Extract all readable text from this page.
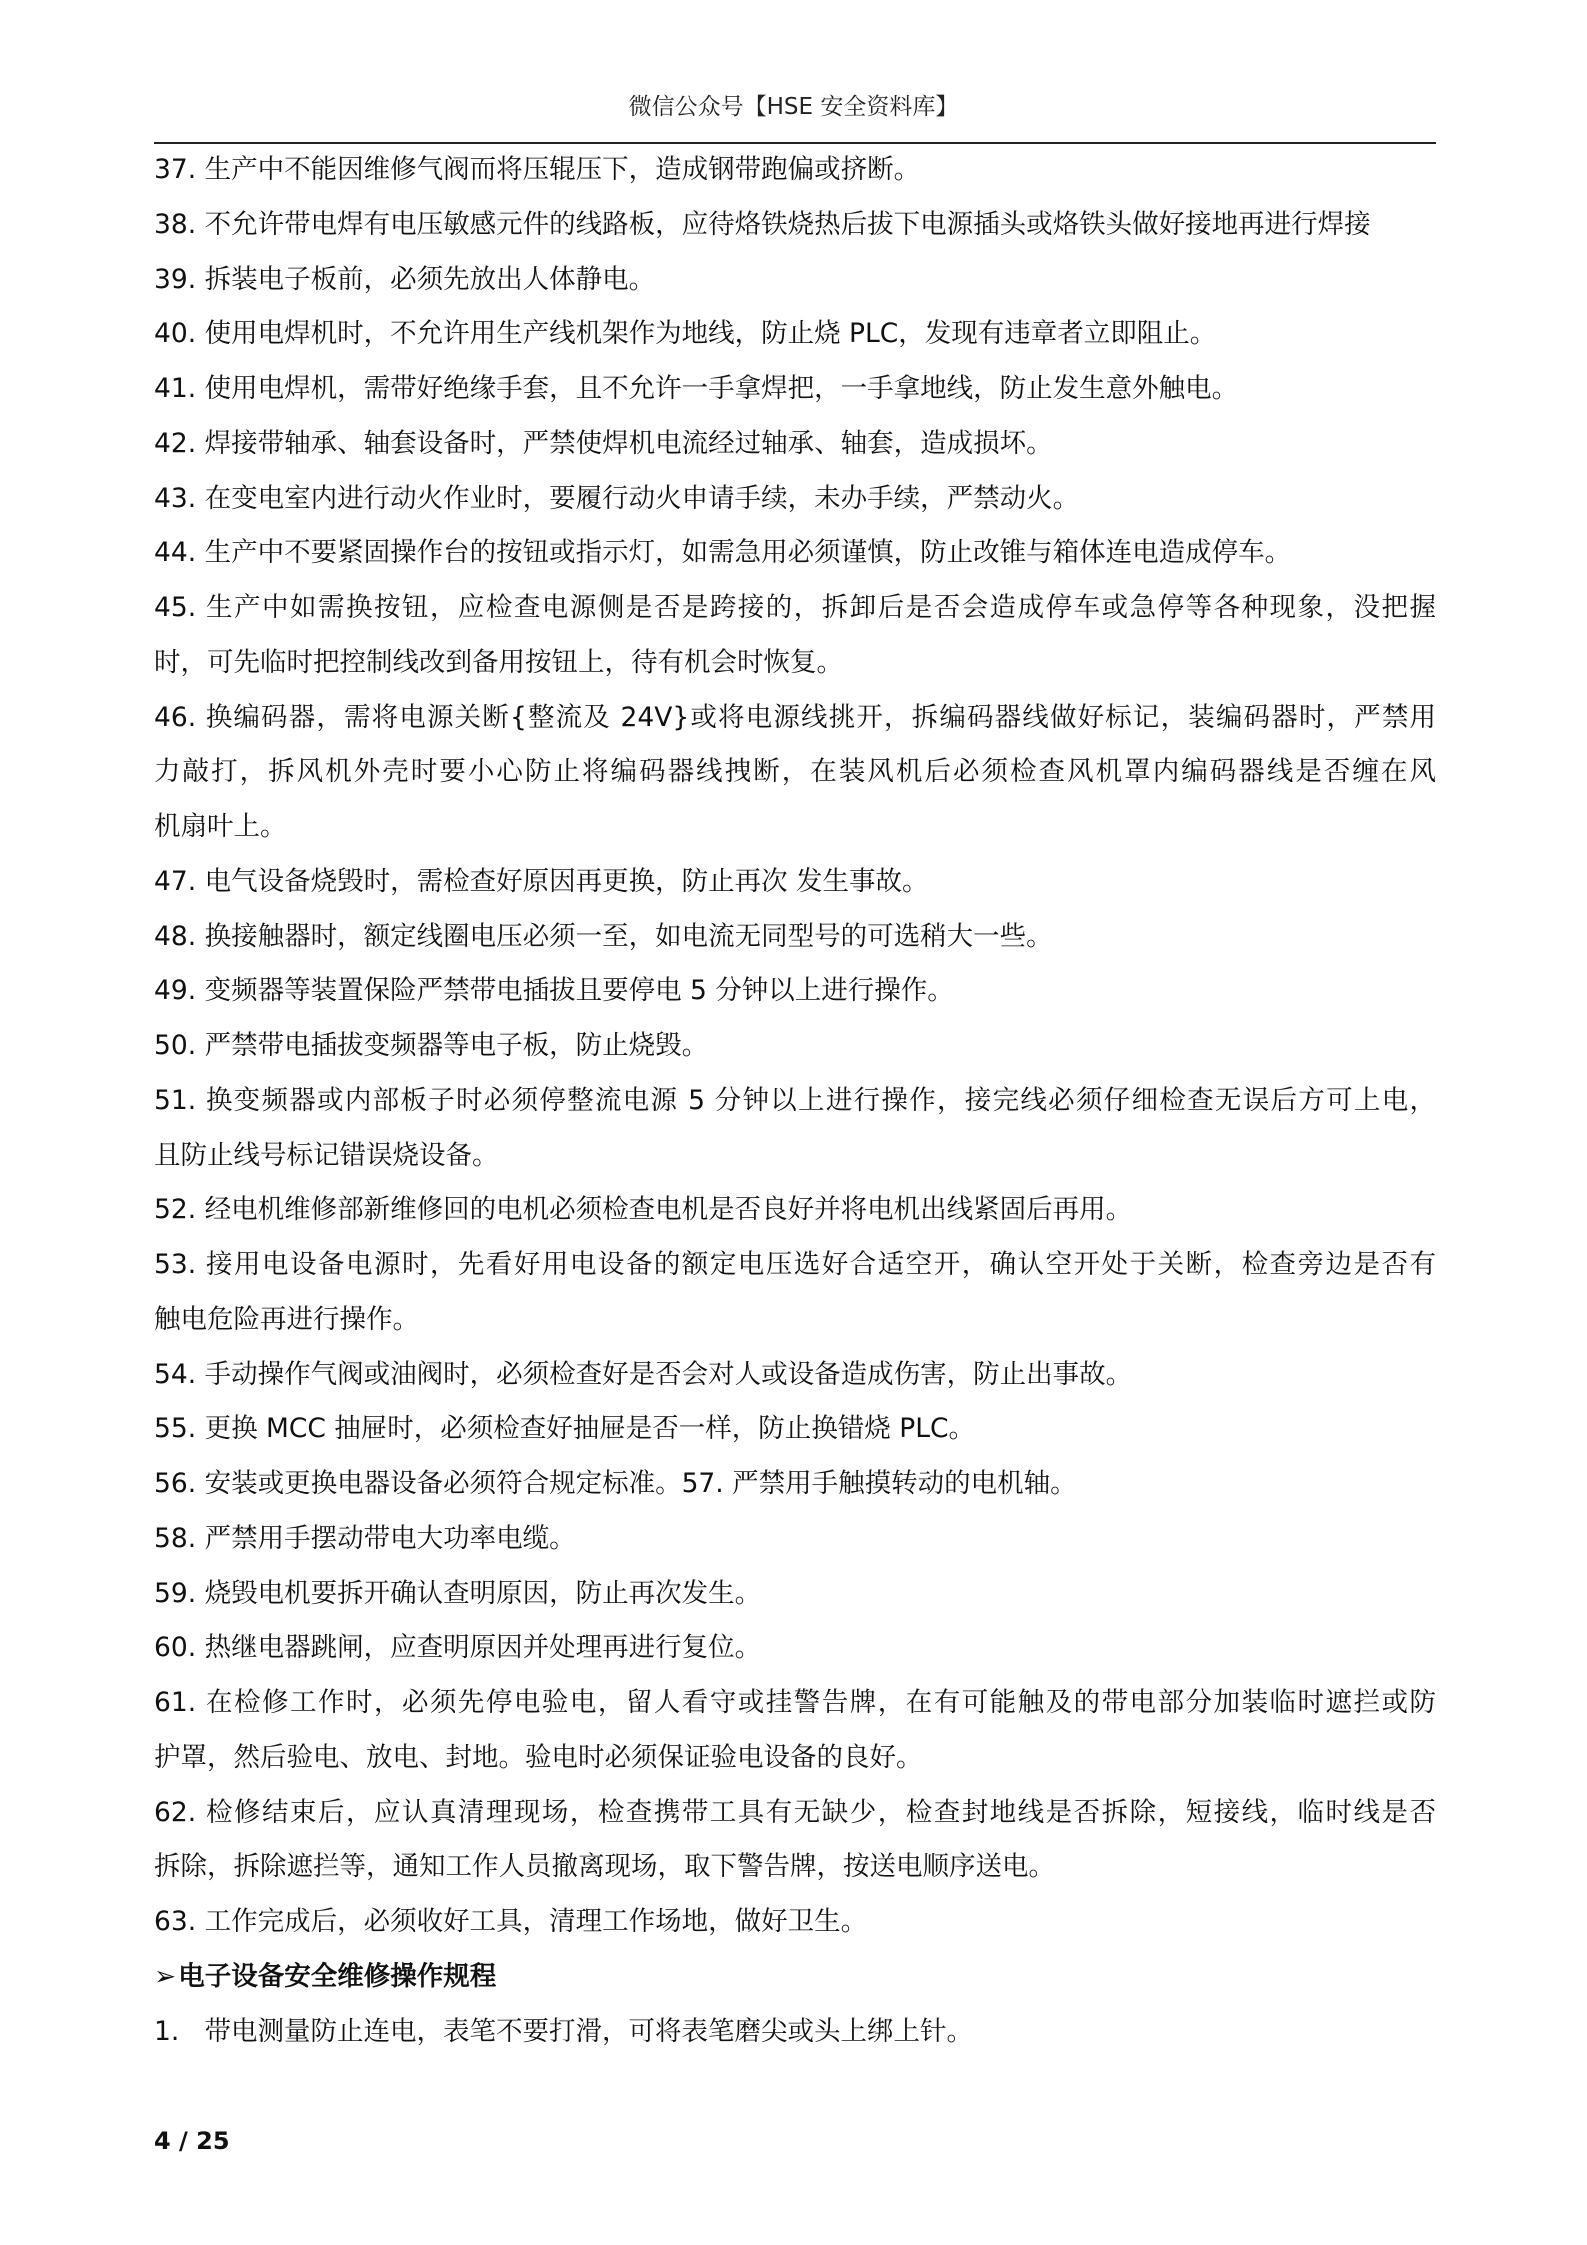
微信公众号【HSE 安全资料库】
37. 生产中不能因维修气阀而将压辊压下，造成钢带跑偏或挤断。
38. 不允许带电焊有电压敏感元件的线路板，应待烙铁烧热后拔下电源插头或烙铁头做好接地再进行焊接
39. 拆装电子板前，必须先放出人体静电。
40. 使用电焊机时，不允许用生产线机架作为地线，防止烧 PLC，发现有违章者立即阻止。
41. 使用电焊机，需带好绝缘手套，且不允许一手拿焊把，一手拿地线，防止发生意外触电。
42. 焊接带轴承、轴套设备时，严禁使焊机电流经过轴承、轴套，造成损坏。
43. 在变电室内进行动火作业时，要履行动火申请手续，未办手续，严禁动火。
44. 生产中不要紧固操作台的按钮或指示灯，如需急用必须谨慎，防止改锥与箱体连电造成停车。
45. 生产中如需换按钮，应检查电源侧是否是跨接的，拆卸后是否会造成停车或急停等各种现象，没把握
时，可先临时把控制线改到备用按钮上，待有机会时恢复。
46. 换编码器，需将电源关断{整流及 24V}或将电源线挑开，拆编码器线做好标记，装编码器时，严禁用
力敲打，拆风机外壳时要小心防止将编码器线拽断，在装风机后必须检查风机罩内编码器线是否缠在风
机扇叶上。
47. 电气设备烧毁时，需检查好原因再更换，防止再次 发生事故。
48. 换接触器时，额定线圈电压必须一至，如电流无同型号的可选稍大一些。
49. 变频器等装置保险严禁带电插拔且要停电 5 分钟以上进行操作。
50. 严禁带电插拔变频器等电子板，防止烧毁。
51. 换变频器或内部板子时必须停整流电源 5 分钟以上进行操作，接完线必须仔细检查无误后方可上电，
且防止线号标记错误烧设备。
52. 经电机维修部新维修回的电机必须检查电机是否良好并将电机出线紧固后再用。
53. 接用电设备电源时，先看好用电设备的额定电压选好合适空开，确认空开处于关断，检查旁边是否有
触电危险再进行操作。
54. 手动操作气阀或油阀时，必须检查好是否会对人或设备造成伤害，防止出事故。
55. 更换 MCC 抽屉时，必须检查好抽屉是否一样，防止换错烧 PLC。
56. 安装或更换电器设备必须符合规定标准。57. 严禁用手触摸转动的电机轴。
58. 严禁用手摆动带电大功率电缆。
59. 烧毁电机要拆开确认查明原因，防止再次发生。
60. 热继电器跳闸，应查明原因并处理再进行复位。
61. 在检修工作时，必须先停电验电，留人看守或挂警告牌，在有可能触及的带电部分加装临时遮拦或防
护罩，然后验电、放电、封地。验电时必须保证验电设备的良好。
62. 检修结束后，应认真清理现场，检查携带工具有无缺少，检查封地线是否拆除，短接线，临时线是否
拆除，拆除遮拦等，通知工作人员撤离现场，取下警告牌，按送电顺序送电。
63. 工作完成后，必须收好工具，清理工作场地，做好卫生。
➢电子设备安全维修操作规程
1.   带电测量防止连电，表笔不要打滑，可将表笔磨尖或头上绑上针。
4 / 25
